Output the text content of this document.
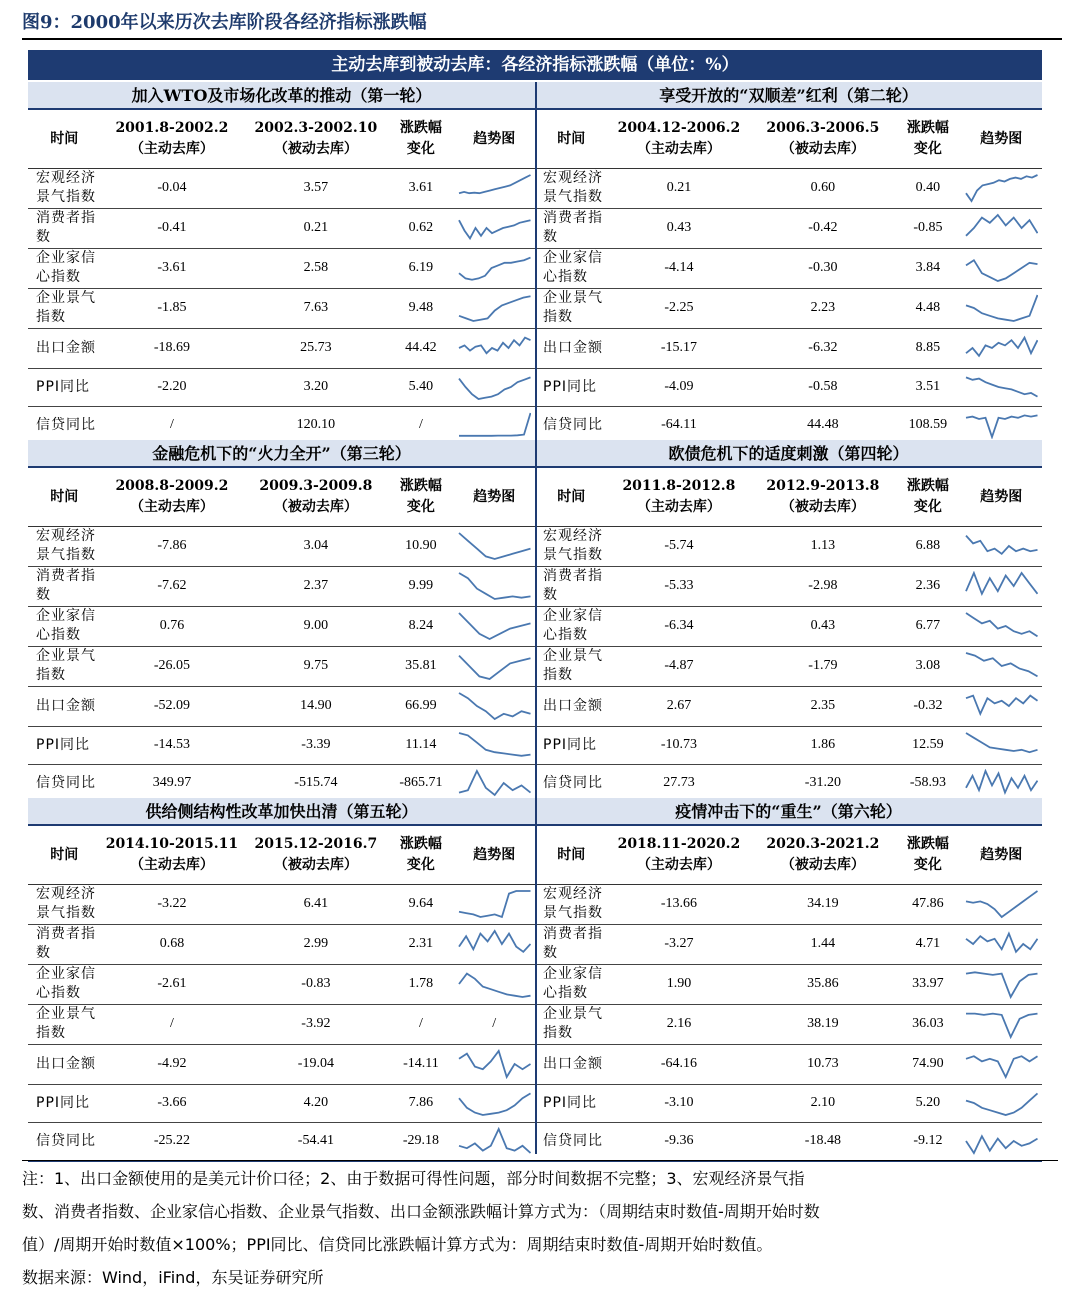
图9：2000年以来历次去库阶段各经济指标涨跌幅
主动去库到被动去库：各经济指标涨跌幅（单位：%）
加入WTO及市场化改革的推动（第一轮）
时间
2001.8-2002.2
（主动去库）
2002.3-2002.10
（被动去库）
涨跌幅
变化
趋势图
宏观经济
景气指数
-0.04	3.57	3.61
消费者指
数
-0.41	0.21	0.62
企业家信
心指数
-3.61	2.58	6.19
企业景气
指数
-1.85	7.63	9.48
出口金额	-18.69	25.73	44.42
PPI同比	-2.20	3.20	5.40
信贷同比	/	120.10	/
享受开放的“双顺差”红利（第二轮）
时间
2004.12-2006.2
（主动去库）
2006.3-2006.5
（被动去库）
涨跌幅
变化
趋势图
宏观经济
景气指数
0.21	0.60	0.40
消费者指
数
0.43	-0.42	-0.85
企业家信
心指数
-4.14	-0.30	3.84
企业景气
指数
-2.25	2.23	4.48
出口金额	-15.17	-6.32	8.85
PPI同比	-4.09	-0.58	3.51
信贷同比	-64.11	44.48	108.59
金融危机下的“火力全开”（第三轮）
时间
2008.8-2009.2
（主动去库）
2009.3-2009.8
（被动去库）
涨跌幅
变化
趋势图
宏观经济
景气指数
-7.86	3.04	10.90
消费者指
数
-7.62	2.37	9.99
企业家信
心指数
0.76	9.00	8.24
企业景气
指数
-26.05	9.75	35.81
出口金额	-52.09	14.90	66.99
PPI同比	-14.53	-3.39	11.14
信贷同比	349.97	-515.74	-865.71
欧债危机下的适度刺激（第四轮）
时间
2011.8-2012.8
（主动去库）
2012.9-2013.8
（被动去库）
涨跌幅
变化
趋势图
宏观经济
景气指数
-5.74	1.13	6.88
消费者指
数
-5.33	-2.98	2.36
企业家信
心指数
-6.34	0.43	6.77
企业景气
指数
-4.87	-1.79	3.08
出口金额	2.67	2.35	-0.32
PPI同比	-10.73	1.86	12.59
信贷同比	27.73	-31.20	-58.93
供给侧结构性改革加快出清（第五轮）
时间
2014.10-2015.11
（主动去库）
2015.12-2016.7
（被动去库）
涨跌幅
变化
趋势图
宏观经济
景气指数
-3.22	6.41	9.64
消费者指
数
0.68	2.99	2.31
企业家信
心指数
-2.61	-0.83	1.78
企业景气
指数
/	-3.92	/	/
出口金额	-4.92	-19.04	-14.11
PPI同比	-3.66	4.20	7.86
信贷同比	-25.22	-54.41	-29.18
疫情冲击下的“重生”（第六轮）
时间
2018.11-2020.2
（主动去库）
2020.3-2021.2
（被动去库）
涨跌幅
变化
趋势图
宏观经济
景气指数
-13.66	34.19	47.86
消费者指
数
-3.27	1.44	4.71
企业家信
心指数
1.90	35.86	33.97
企业景气
指数
2.16	38.19	36.03
出口金额	-64.16	10.73	74.90
PPI同比	-3.10	2.10	5.20
信贷同比	-9.36	-18.48	-9.12
注：1、出口金额使用的是美元计价口径；2、由于数据可得性问题，部分时间数据不完整；3、宏观经济景气指
数、消费者指数、企业家信心指数、企业景气指数、出口金额涨跌幅计算方式为：（周期结束时数值-周期开始时数
值）/周期开始时数值×100%；PPI同比、信贷同比涨跌幅计算方式为：周期结束时数值-周期开始时数值。
数据来源：Wind，iFind，东吴证券研究所
